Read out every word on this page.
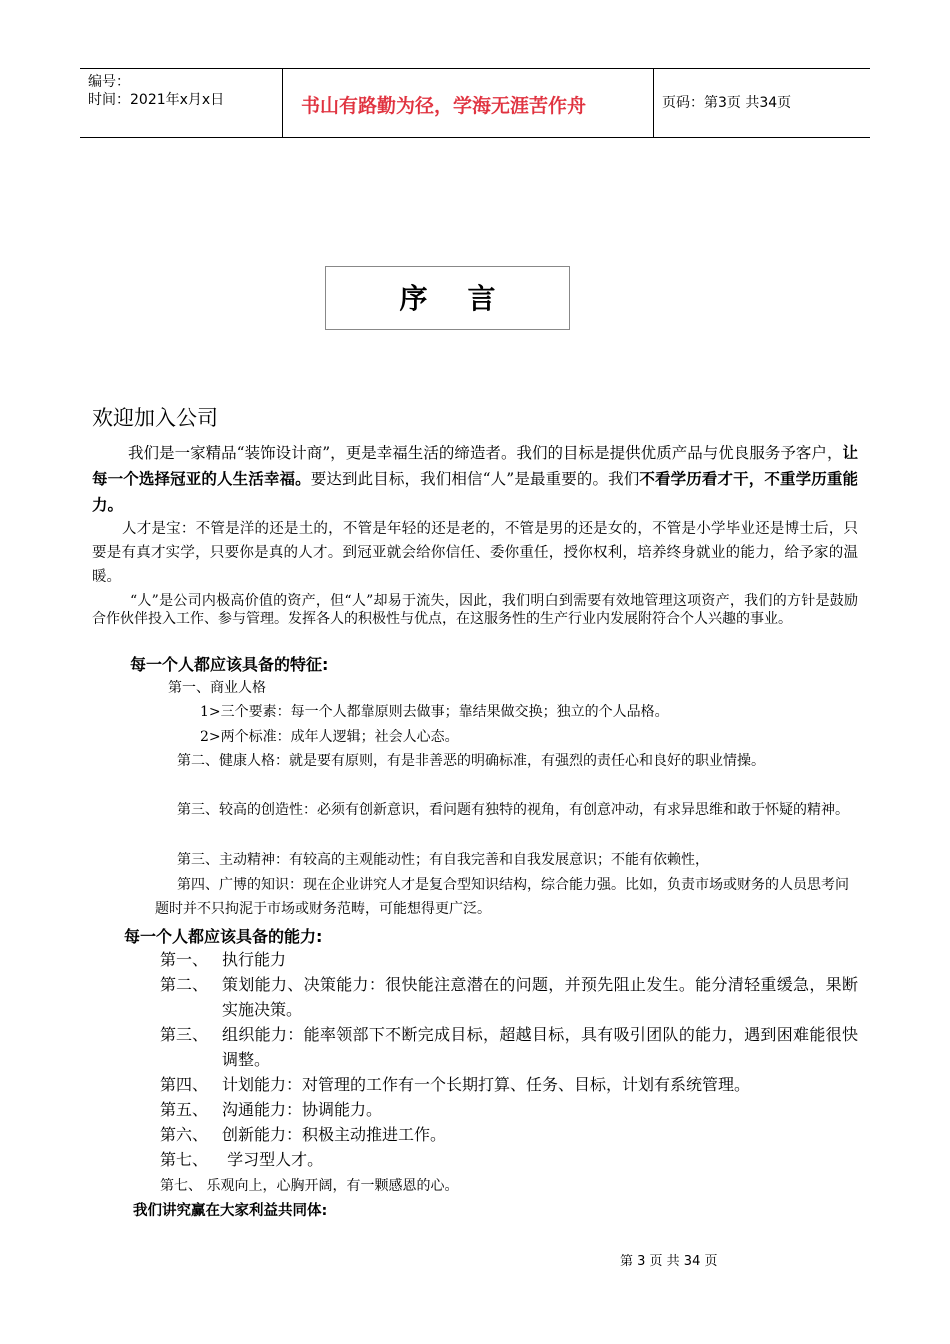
编号：
时间：2021年x月x日	书山有路勤为径，学海无涯苦作舟	页码：第3页 共34页
序言
欢迎加入公司
我们是一家精品“装饰设计商”，更是幸福生活的缔造者。我们的目标是提供优质产品与优良服务予客户，让每一个选择冠亚的人生活幸福。要达到此目标，我们相信“人”是最重要的。我们不看学历看才干，不重学历重能力。
人才是宝：不管是洋的还是土的，不管是年轻的还是老的，不管是男的还是女的，不管是小学毕业还是博士后，只要是有真才实学，只要你是真的人才。到冠亚就会给你信任、委你重任，授你权利，培养终身就业的能力，给予家的温暖。
“人”是公司内极高价值的资产，但“人”却易于流失，因此，我们明白到需要有效地管理这项资产，我们的方针是鼓励合作伙伴投入工作、参与管理。发挥各人的积极性与优点，在这服务性的生产行业内发展附符合个人兴趣的事业。
每一个人都应该具备的特征:
第一、商业人格
1>三个要素：每一个人都靠原则去做事；靠结果做交换；独立的个人品格。
2>两个标准：成年人逻辑；社会人心态。
第二、健康人格：就是要有原则，有是非善恶的明确标准，有强烈的责任心和良好的职业情操。
第三、较高的创造性：必须有创新意识，看问题有独特的视角，有创意冲动，有求异思维和敢于怀疑的精神。
第三、主动精神：有较高的主观能动性；有自我完善和自我发展意识；不能有依赖性，
第四、广博的知识：现在企业讲究人才是复合型知识结构，综合能力强。比如，负责市场或财务的人员思考问题时并不只拘泥于市场或财务范畴，可能想得更广泛。
每一个人都应该具备的能力:
第一、 执行能力
第二、 策划能力、决策能力：很快能注意潜在的问题，并预先阻止发生。能分清轻重缓急，果断实施决策。
第三、 组织能力：能率领部下不断完成目标，超越目标，具有吸引团队的能力，遇到困难能很快调整。
第四、 计划能力：对管理的工作有一个长期打算、任务、目标，计划有系统管理。
第五、 沟通能力：协调能力。
第六、 创新能力：积极主动推进工作。
第七、 学习型人才。
第七、 乐观向上，心胸开阔，有一颗感恩的心。
我们讲究赢在大家利益共同体:
第 3 页 共 34 页
